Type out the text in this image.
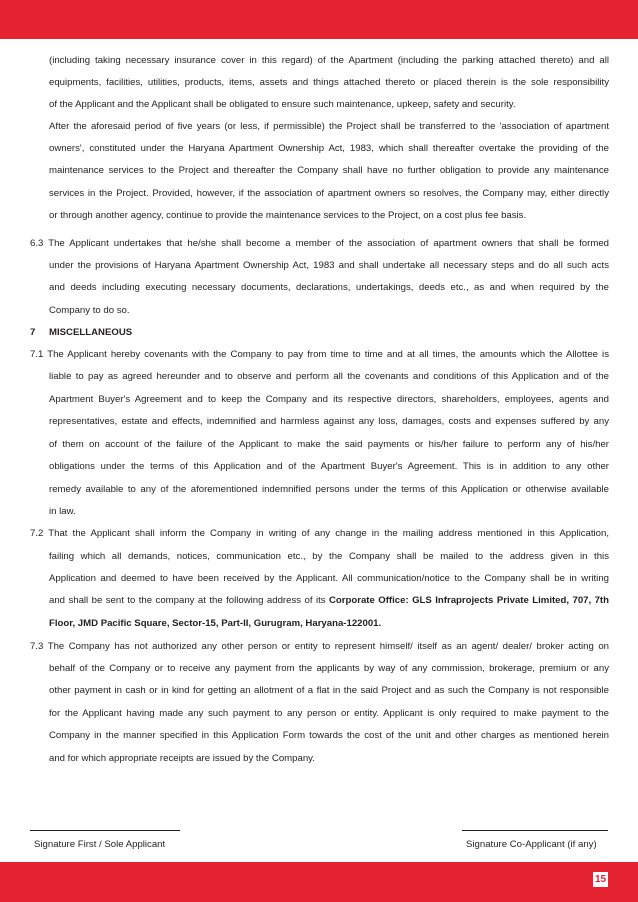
(including taking necessary insurance cover in this regard) of the Apartment (including the parking attached thereto) and all

equipments, facilities, utilities, products, items, assets and things attached thereto or placed therein is the sole responsibility

of the Applicant and the Applicant shall be obligated to ensure such maintenance, upkeep, safety and security.

After the aforesaid period of five years (or less, if permissible) the Project shall be transferred to the 'association of apartment

owners', constituted under the Haryana Apartment Ownership Act, 1983, which shall thereafter overtake the providing of the

maintenance services to the Project and thereafter the Company shall have no further obligation to provide any maintenance

services in the Project. Provided, however, if the association of apartment owners so resolves, the Company may, either directly

or through another agency, continue to provide the maintenance services to the Project, on a cost plus fee basis.

6.3 The Applicant undertakes that he/she shall become a member of the association of apartment owners that shall be formed

under the provisions of Haryana Apartment Ownership Act, 1983 and shall undertake all necessary steps and do all such acts

and deeds including executing necessary documents, declarations, undertakings, deeds etc., as and when required by the

Company to do so.

7 MISCELLANEOUS

7.1 The Applicant hereby covenants with the Company to pay from time to time and at all times, the amounts which the Allottee is

liable to pay as agreed hereunder and to observe and perform all the covenants and conditions of this Application and of the

Apartment Buyer's Agreement and to keep the Company and its respective directors, shareholders, employees, agents and

representatives, estate and effects, indemnified and harmless against any loss, damages, costs and expenses suffered by any

of them on account of the failure of the Applicant to make the said payments or his/her failure to perform any of his/her

obligations under the terms of this Application and of the Apartment Buyer's Agreement. This is in addition to any other

remedy available to any of the aforementioned indemnified persons under the terms of this Application or otherwise available

in law.

7.2 That the Applicant shall inform the Company in writing of any change in the mailing address mentioned in this Application,

failing which all demands, notices, communication etc., by the Company shall be mailed to the address given in this

Application and deemed to have been received by the Applicant. All communication/notice to the Company shall be in writing

and shall be sent to the company at the following address of its Corporate Office: GLS Infraprojects Private Limited, 707, 7th

Floor, JMD Pacific Square, Sector-15, Part-II, Gurugram, Haryana-122001.

7.3 The Company has not authorized any other person or entity to represent himself/ itself as an agent/ dealer/ broker acting on

behalf of the Company or to receive any payment from the applicants by way of any commission, brokerage, premium or any

other payment in cash or in kind for getting an allotment of a flat in the said Project and as such the Company is not responsible

for the Applicant having made any such payment to any person or entity. Applicant is only required to make payment to the

Company in the manner specified in this Application Form towards the cost of the unit and other charges as mentioned herein

and for which appropriate receipts are issued by the Company.

Signature First / Sole Applicant	Signature Co-Applicant (if any)
15
